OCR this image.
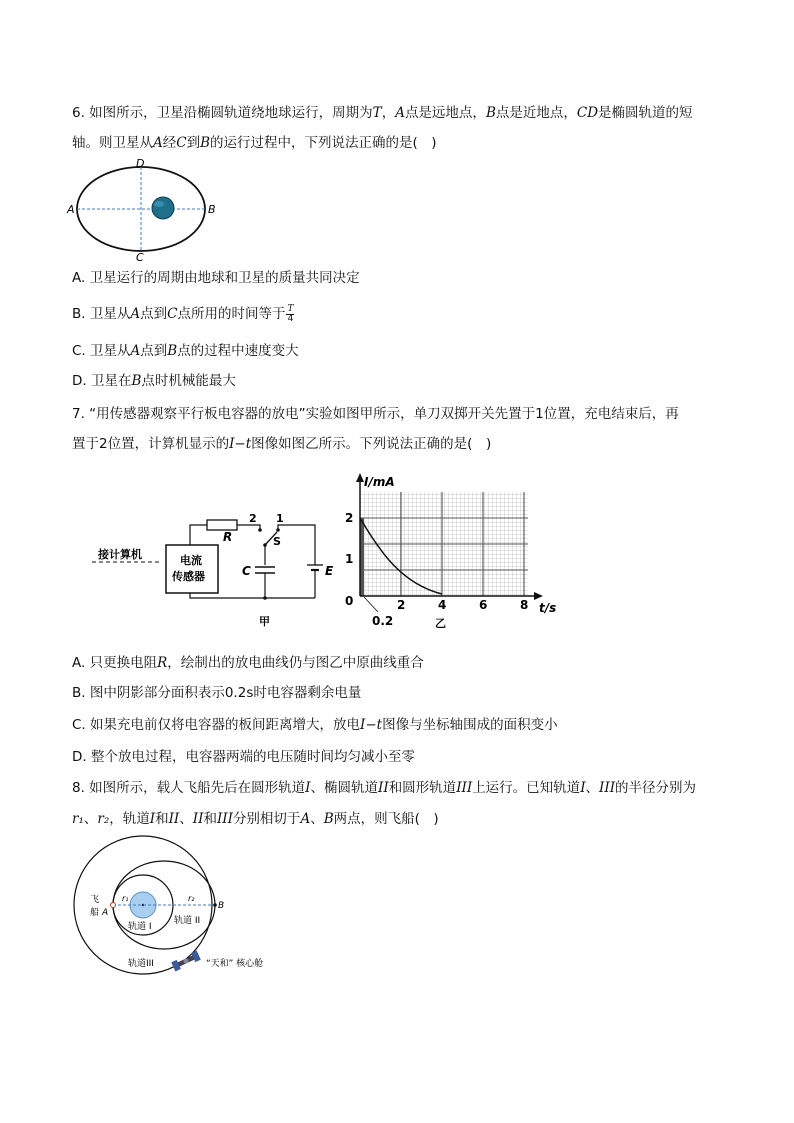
6. 如图所示，卫星沿椭圆轨道绕地球运行，周期为T，A点是远地点，B点是近地点，CD是椭圆轨道的短
轴。则卫星从A经C到B的运行过程中，下列说法正确的是(　)
D
A	B
C
A. 卫星运行的周期由地球和卫星的质量共同决定
B. 卫星从A点到C点所用的时间等于 $\frac{T}{4}$
C. 卫星从A点到B点的过程中速度变大
D. 卫星在B点时机械能最大
7. “用传感器观察平行板电容器的放电”实验如图甲所示，单刀双掷开关先置于1位置，充电结束后，再
置于2位置，计算机显示的I−t图像如图乙所示。下列说法正确的是(　)
接计算机	电流
传感器
R
2 1
S
C	E
甲
I/mA
t/s
2
1
0	2	4	6	8
0.2	乙
A. 只更换电阻R，绘制出的放电曲线仍与图乙中原曲线重合
B. 图中阴影部分面积表示0.2s时电容器剩余电量
C. 如果充电前仅将电容器的板间距离增大，放电I−t图像与坐标轴围成的面积变小
D. 整个放电过程，电容器两端的电压随时间均匀减小至零
8. 如图所示，载人飞船先后在圆形轨道I、椭圆轨道II和圆形轨道III上运行。已知轨道I、III的半径分别为
r₁、r₂，轨道I和II、II和III分别相切于A、B两点，则飞船(　)
飞
船 A
B
r₁	r₂
轨道 I
轨道 II
轨道III	“天和” 核心舱
